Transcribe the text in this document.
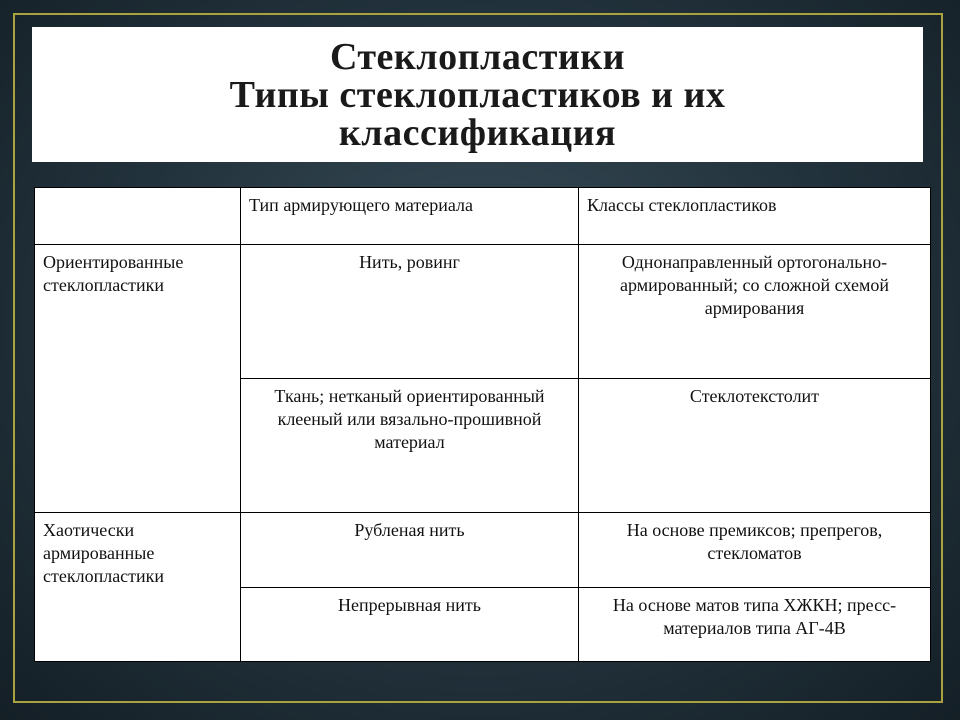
Стеклопластики
Типы стеклопластиков и их
классификация
	Тип армирующего материала	Классы стеклопластиков
Ориентированные стеклопластики	Нить, ровинг	Однонаправленный ортогонально-армированный; со сложной схемой армирования
	Ткань; нетканый ориентированный клееный или вязально-прошивной материал	Стеклотекстолит
Хаотически армированные стеклопластики	Рубленая нить	На основе премиксов; препрегов, стекломатов
	Непрерывная нить	На основе матов типа ХЖКН; пресс-материалов типа АГ-4В
